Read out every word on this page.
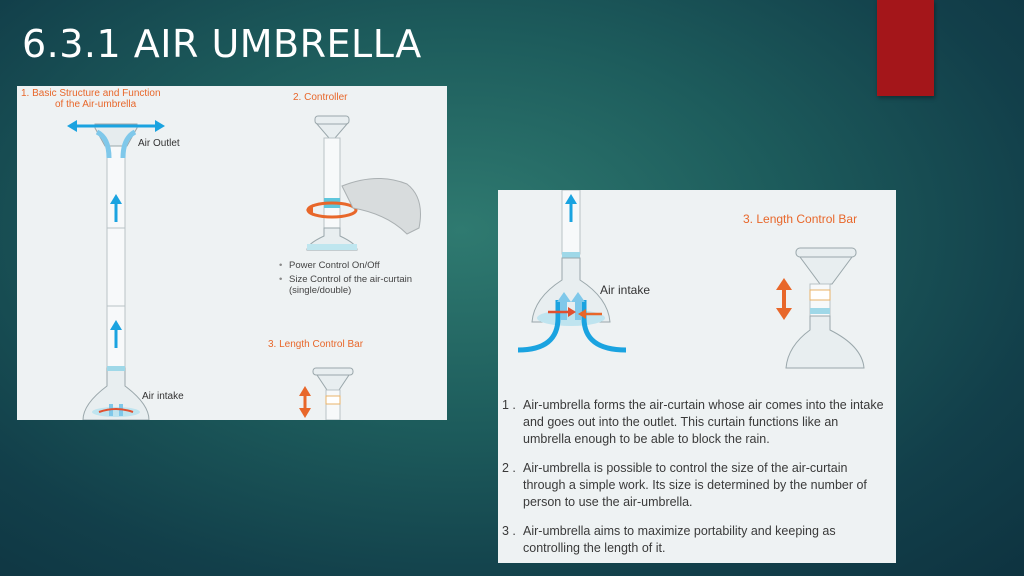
6.3.1 AIR UMBRELLA
1. Basic Structure and Function
of the Air-umbrella
Air Outlet
Air intake
2. Controller
• Power Control On/Off
• Size Control of the air-curtain (single/double)
3. Length Control Bar
Air intake
3. Length Control Bar
1 . Air-umbrella forms the air-curtain whose air comes into the intake and goes out into the outlet. This curtain functions like an umbrella enough to be able to block the rain.
2 . Air-umbrella is possible to control the size of the air-curtain through a simple work. Its size is determined by the number of person to use the air-umbrella.
3 . Air-umbrella aims to maximize portability and keeping as controlling the length of it.
